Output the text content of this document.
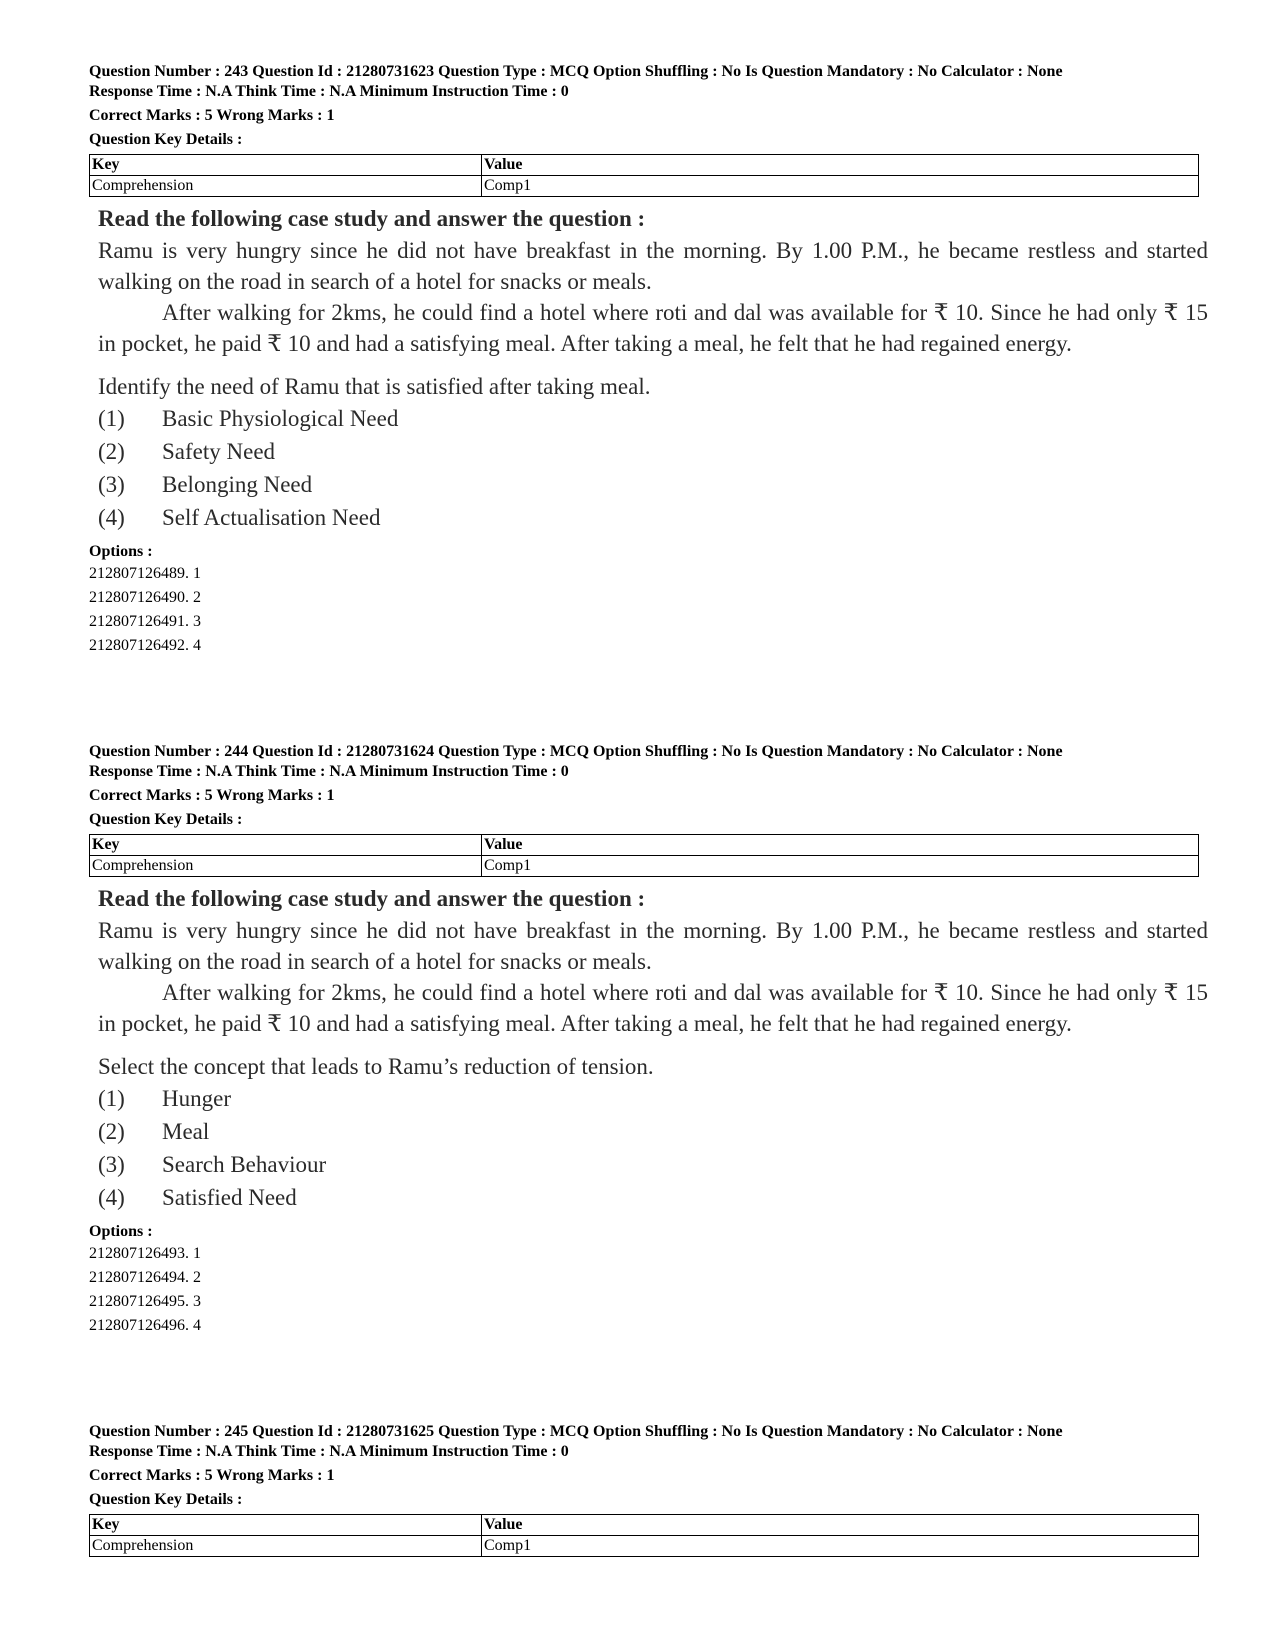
Question Number : 243 Question Id : 21280731623 Question Type : MCQ Option Shuffling : No Is Question Mandatory : No Calculator : None
Response Time : N.A Think Time : N.A Minimum Instruction Time : 0
Correct Marks : 5 Wrong Marks : 1
Question Key Details :
Key	Value
Comprehension	Comp1
Read the following case study and answer the question :

Ramu is very hungry since he did not have breakfast in the morning. By 1.00 P.M., he became restless and started walking on the road in search of a hotel for snacks or meals.

After walking for 2kms, he could find a hotel where roti and dal was available for ₹ 10. Since he had only ₹ 15 in pocket, he paid ₹ 10 and had a satisfying meal. After taking a meal, he felt that he had regained energy.

Identify the need of Ramu that is satisfied after taking meal.
(1)	Basic Physiological Need
(2)	Safety Need
(3)	Belonging Need
(4)	Self Actualisation Need
Options :
212807126489. 1
212807126490. 2
212807126491. 3
212807126492. 4
Question Number : 244 Question Id : 21280731624 Question Type : MCQ Option Shuffling : No Is Question Mandatory : No Calculator : None
Response Time : N.A Think Time : N.A Minimum Instruction Time : 0
Correct Marks : 5 Wrong Marks : 1
Question Key Details :
Key	Value
Comprehension	Comp1
Read the following case study and answer the question :

Ramu is very hungry since he did not have breakfast in the morning. By 1.00 P.M., he became restless and started walking on the road in search of a hotel for snacks or meals.

After walking for 2kms, he could find a hotel where roti and dal was available for ₹ 10. Since he had only ₹ 15 in pocket, he paid ₹ 10 and had a satisfying meal. After taking a meal, he felt that he had regained energy.

Select the concept that leads to Ramu’s reduction of tension.
(1)	Hunger
(2)	Meal
(3)	Search Behaviour
(4)	Satisfied Need
Options :
212807126493. 1
212807126494. 2
212807126495. 3
212807126496. 4
Question Number : 245 Question Id : 21280731625 Question Type : MCQ Option Shuffling : No Is Question Mandatory : No Calculator : None
Response Time : N.A Think Time : N.A Minimum Instruction Time : 0
Correct Marks : 5 Wrong Marks : 1
Question Key Details :
Key	Value
Comprehension	Comp1
